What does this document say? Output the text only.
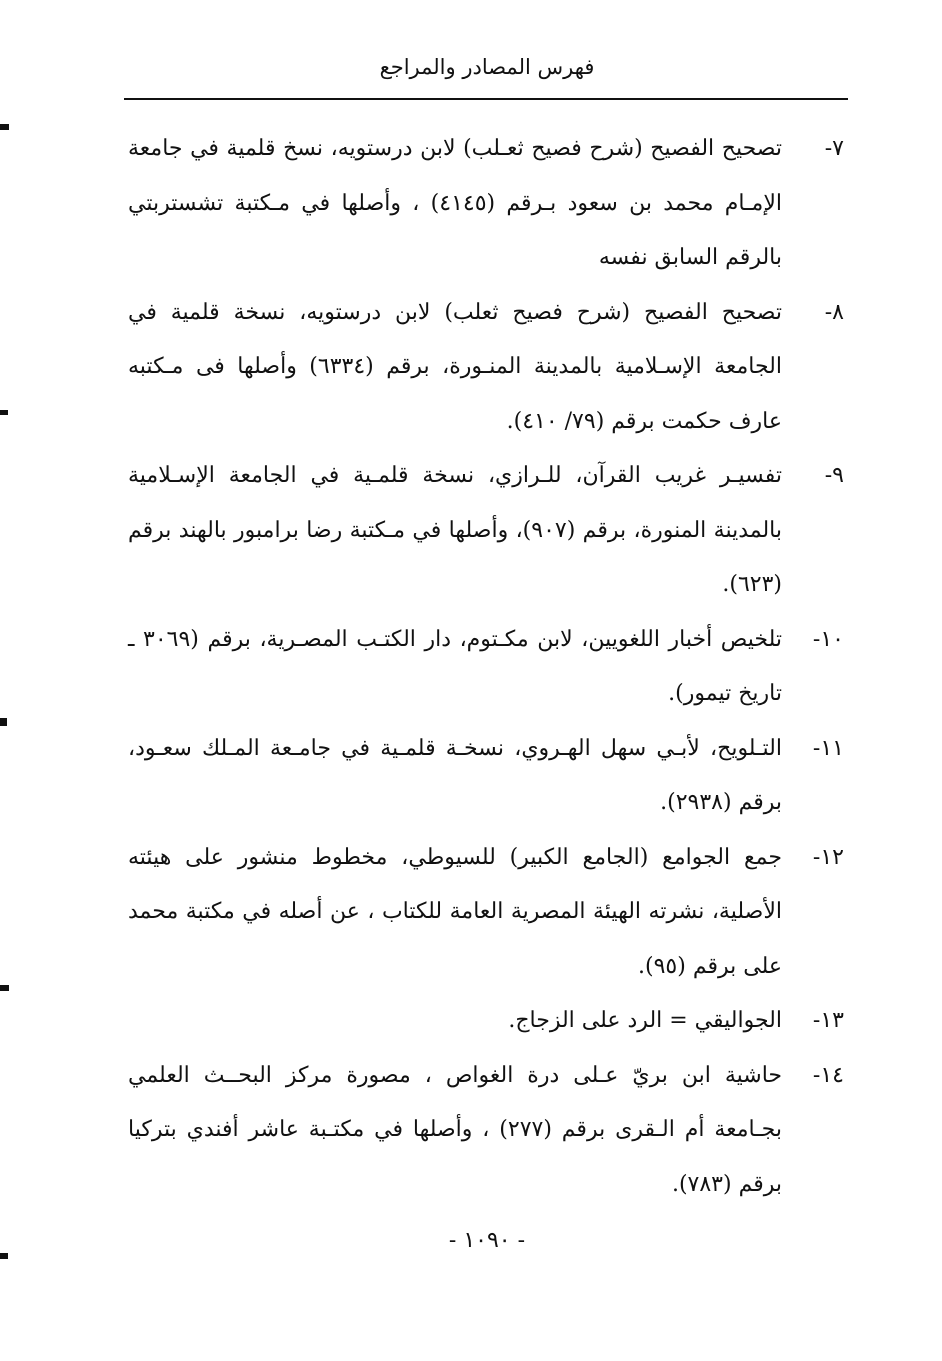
فهرس المصادر والمراجع
٧-
تصحيح الفصيح (شرح فصيح ثعـلب) لابن درستويه، نسخ قلمية في جامعة الإمـام محمد بن سعود بـرقم (٤١٤٥) ، وأصلها في مـكتبة تشستربتي بالرقم السابق نفسه
٨-
تصحيح الفصيح (شرح فصيح ثعلب) لابن درستويه، نسخة قلمية في الجامعة الإسـلامية بالمدينة المنـورة، برقم (٦٣٣٤) وأصلها فى مـكتبه عارف حكمت برقم (٧٩/ ٤١٠).
٩-
تفسيـر غريب القرآن، للـرازي، نسخة قلمـية في الجامعة الإسـلامية بالمدينة المنورة، برقم (٩٠٧)، وأصلها في مـكتبة رضا برامبور بالهند برقم (٦٢٣).
١٠-
تلخيص أخبار اللغويين، لابن مكـتوم، دار الكتـب المصـرية، برقم (٣٠٦٩ ـ تاريخ تيمور).
١١-
التـلويح، لأبـي سهل الهـروي، نسخـة قلمـية في جامـعة المـلك سعـود، برقم (٢٩٣٨).
١٢-
جمع الجوامع (الجامع الكبير) للسيوطي، مخطوط منشور على هيئته الأصلية، نشرته الهيئة المصرية العامة للكتاب ، عن أصله في مكتبة محمد على برقم (٩٥).
١٣-
الجواليقي = الرد على الزجاج.
١٤-
حاشية ابن بريّ عـلى درة الغواص ، مصورة مركز البحــث العلمي بجـامعة أم الـقرى برقم (٢٧٧) ، وأصلها في مكتـبة عاشر أفندي بتركيا برقم (٧٨٣).
- ١٠٩٠ -
